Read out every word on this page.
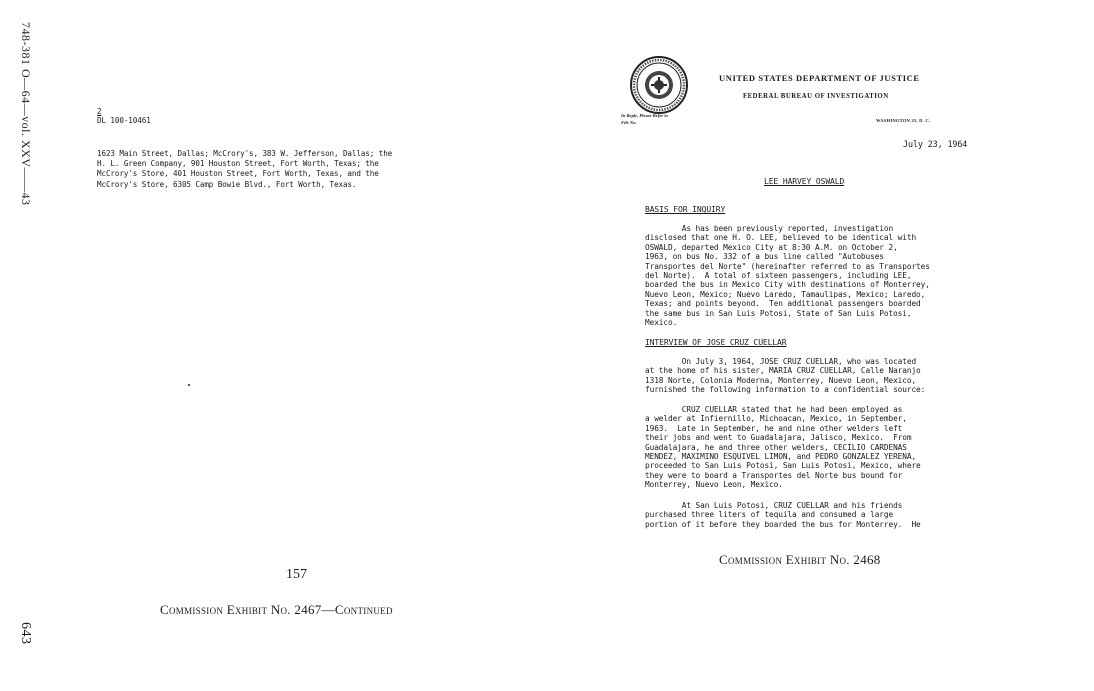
748-381 O—64—vol. XXV——43
643
2
DL 100-10461

1623 Main Street, Dallas; McCrory's, 383 W. Jefferson, Dallas; the

H. L. Green Company, 901 Houston Street, Fort Worth, Texas; the

McCrory's Store, 401 Houston Street, Fort Worth, Texas, and the

McCrory's Store, 6305 Camp Bowie Blvd., Fort Worth, Texas.

157
Commission Exhibit No. 2467—Continued
In Reply, Please Refer to
File No.
UNITED STATES DEPARTMENT OF JUSTICE
FEDERAL BUREAU OF INVESTIGATION
WASHINGTON 25, D. C.
July 23, 1964
LEE HARVEY OSWALD
BASIS FOR INQUIRY

As has been previously reported, investigation

disclosed that one H. O. LEE, believed to be identical with

OSWALD, departed Mexico City at 8:30 A.M. on October 2,

1963, on bus No. 332 of a bus line called "Autobuses

Transportes del Norte" (hereinafter referred to as Transportes

del Norte).  A total of sixteen passengers, including LEE,

boarded the bus in Mexico City with destinations of Monterrey,

Nuevo Leon, Mexico; Nuevo Laredo, Tamaulipas, Mexico; Laredo,

Texas; and points beyond.  Ten additional passengers boarded

the same bus in San Luis Potosi, State of San Luis Potosi,

Mexico.

INTERVIEW OF JOSE CRUZ CUELLAR

On July 3, 1964, JOSE CRUZ CUELLAR, who was located

at the home of his sister, MARIA CRUZ CUELLAR, Calle Naranjo

1318 Norte, Colonia Moderna, Monterrey, Nuevo Leon, Mexico,

furnished the following information to a confidential source:

CRUZ CUELLAR stated that he had been employed as

a welder at Infiernillo, Michoacan, Mexico, in September,

1963.  Late in September, he and nine other welders left

their jobs and went to Guadalajara, Jalisco, Mexico.  From

Guadalajara, he and three other welders, CECILIO CARDENAS

MENDEZ, MAXIMINO ESQUIVEL LIMON, and PEDRO GONZALEZ YERENA,

proceeded to San Luis Potosi, San Luis Potosi, Mexico, where

they were to board a Transportes del Norte bus bound for

Monterrey, Nuevo Leon, Mexico.

At San Luis Potosi, CRUZ CUELLAR and his friends

purchased three liters of tequila and consumed a large

portion of it before they boarded the bus for Monterrey.  He

Commission Exhibit No. 2468
